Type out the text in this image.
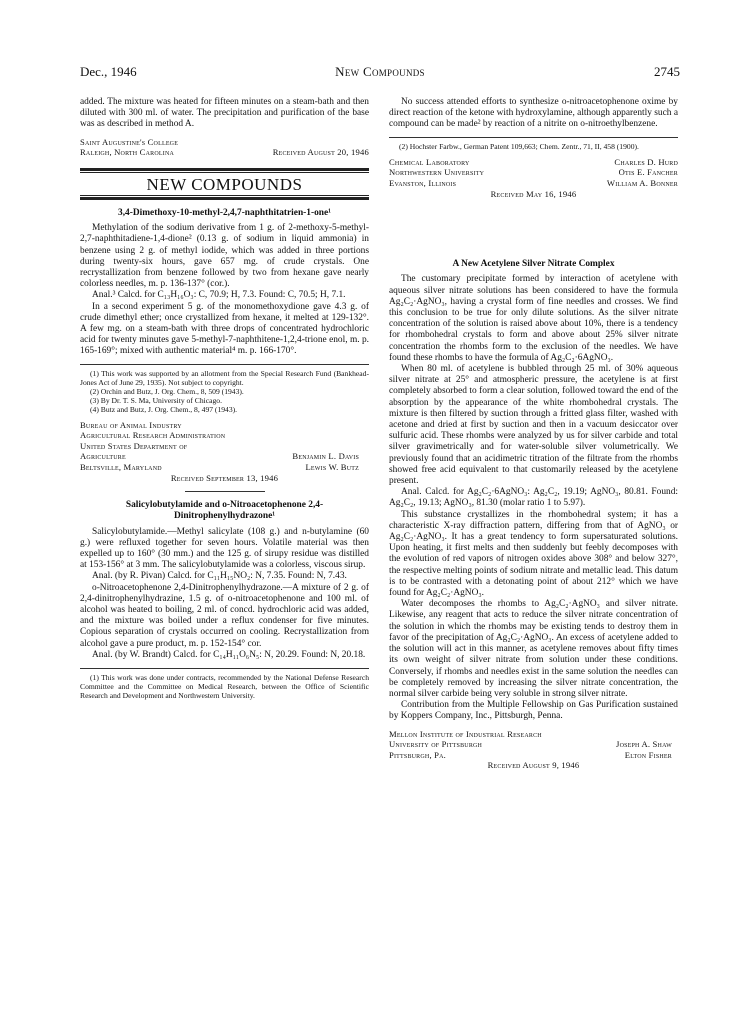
Dec., 1946	New Compounds	2745

added. The mixture was heated for fifteen minutes on a steam-bath and then diluted with 300 ml. of water. The precipitation and purification of the base was as described in method A.

Saint Augustine's College
Raleigh, North Carolina	Received August 20, 1946
NEW COMPOUNDS
3,4-Dimethoxy-10-methyl-2,4,7-naphthitatrien-1-one¹

Methylation of the sodium derivative from 1 g. of 2-methoxy-5-methyl-2,7-naphthitadiene-1,4-dione² (0.13 g. of sodium in liquid ammonia) in benzene using 2 g. of methyl iodide, which was added in three portions during twenty-six hours, gave 657 mg. of crude crystals. One recrystallization from benzene followed by two from hexane gave nearly colorless needles, m. p. 136-137° (cor.).

Anal.³ Calcd. for C₁₃H₁₆O₃: C, 70.9; H, 7.3. Found: C, 70.5; H, 7.1.

In a second experiment 5 g. of the monomethoxydione gave 4.3 g. of crude dimethyl ether; once crystallized from hexane, it melted at 129-132°. A few mg. on a steam-bath with three drops of concentrated hydrochloric acid for twenty minutes gave 5-methyl-7-naphthitene-1,2,4-trione enol, m. p. 165-169°; mixed with authentic material⁴ m. p. 166-170°.

(1) This work was supported by an allotment from the Special Research Fund (Bankhead-Jones Act of June 29, 1935). Not subject to copyright.

(2) Orchin and Butz, J. Org. Chem., 8, 509 (1943).

(3) By Dr. T. S. Ma, University of Chicago.

(4) Butz and Butz, J. Org. Chem., 8, 497 (1943).

Bureau of Animal Industry
Agricultural Research Administration
United States Department of
Agriculture	Benjamin L. Davis
Beltsville, Maryland	Lewis W. Butz
Received September 13, 1946
Salicylobutylamide and o-Nitroacetophenone 2,4-Dinitrophenylhydrazone¹

Salicylobutylamide.—Methyl salicylate (108 g.) and n-butylamine (60 g.) were refluxed together for seven hours. Volatile material was then expelled up to 160° (30 mm.) and the 125 g. of sirupy residue was distilled at 153-156° at 3 mm. The salicylobutylamide was a colorless, viscous sirup.

Anal. (by R. Pivan) Calcd. for C₁₁H₁₅NO₂: N, 7.35. Found: N, 7.43.

o-Nitroacetophenone 2,4-Dinitrophenylhydrazone.—A mixture of 2 g. of 2,4-dinitrophenylhydrazine, 1.5 g. of o-nitroacetophenone and 100 ml. of alcohol was heated to boiling, 2 ml. of concd. hydrochloric acid was added, and the mixture was boiled under a reflux condenser for five minutes. Copious separation of crystals occurred on cooling. Recrystallization from alcohol gave a pure product, m. p. 152-154° cor.

Anal. (by W. Brandt) Calcd. for C₁₄H₁₁O₆N₅: N, 20.29. Found: N, 20.18.

(1) This work was done under contracts, recommended by the National Defense Research Committee and the Committee on Medical Research, between the Office of Scientific Research and Development and Northwestern University.

No success attended efforts to synthesize o-nitroacetophenone oxime by direct reaction of the ketone with hydroxylamine, although apparently such a compound can be made² by reaction of a nitrite on o-nitroethylbenzene.

(2) Hochster Farbw., German Patent 109,663; Chem. Zentr., 71, II, 458 (1900).

Chemical Laboratory	Charles D. Hurd
Northwestern University	Otis E. Fancher
Evanston, Illinois	William A. Bonner
Received May 16, 1946
A New Acetylene Silver Nitrate Complex

The customary precipitate formed by interaction of acetylene with aqueous silver nitrate solutions has been considered to have the formula Ag₂C₂·AgNO₃, having a crystal form of fine needles and crosses. We find this conclusion to be true for only dilute solutions. As the silver nitrate concentration of the solution is raised above about 10%, there is a tendency for rhombohedral crystals to form and above about 25% silver nitrate concentration the rhombs form to the exclusion of the needles. We have found these rhombs to have the formula of Ag₂C₂·6AgNO₃.

When 80 ml. of acetylene is bubbled through 25 ml. of 30% aqueous silver nitrate at 25° and atmospheric pressure, the acetylene is at first completely absorbed to form a clear solution, followed toward the end of the absorption by the appearance of the white rhombohedral crystals. The mixture is then filtered by suction through a fritted glass filter, washed with acetone and dried at first by suction and then in a vacuum desiccator over sulfuric acid. These rhombs were analyzed by us for silver carbide and total silver gravimetrically and for water-soluble silver volumetrically. We previously found that an acidimetric titration of the filtrate from the rhombs showed free acid equivalent to that customarily released by the acetylene present.

Anal. Calcd. for Ag₂C₂·6AgNO₃: Ag₂C₂, 19.19; AgNO₃, 80.81. Found: Ag₂C₂, 19.13; AgNO₃, 81.30 (molar ratio 1 to 5.97).

This substance crystallizes in the rhombohedral system; it has a characteristic X-ray diffraction pattern, differing from that of AgNO₃ or Ag₂C₂·AgNO₃. It has a great tendency to form supersaturated solutions. Upon heating, it first melts and then suddenly but feebly decomposes with the evolution of red vapors of nitrogen oxides above 308° and below 327°, the respective melting points of sodium nitrate and metallic lead. This datum is to be contrasted with a detonating point of about 212° which we have found for Ag₂C₂·AgNO₃.

Water decomposes the rhombs to Ag₂C₂·AgNO₃ and silver nitrate. Likewise, any reagent that acts to reduce the silver nitrate concentration of the solution in which the rhombs may be existing tends to destroy them in favor of the precipitation of Ag₂C₂·AgNO₃. An excess of acetylene added to the solution will act in this manner, as acetylene removes about fifty times its own weight of silver nitrate from solution under these conditions. Conversely, if rhombs and needles exist in the same solution the needles can be completely removed by increasing the silver nitrate concentration, the normal silver carbide being very soluble in strong silver nitrate.

Contribution from the Multiple Fellowship on Gas Purification sustained by Koppers Company, Inc., Pittsburgh, Penna.

Mellon Institute of Industrial Research
University of Pittsburgh	Joseph A. Shaw
Pittsburgh, Pa.	Elton Fisher
Received August 9, 1946
